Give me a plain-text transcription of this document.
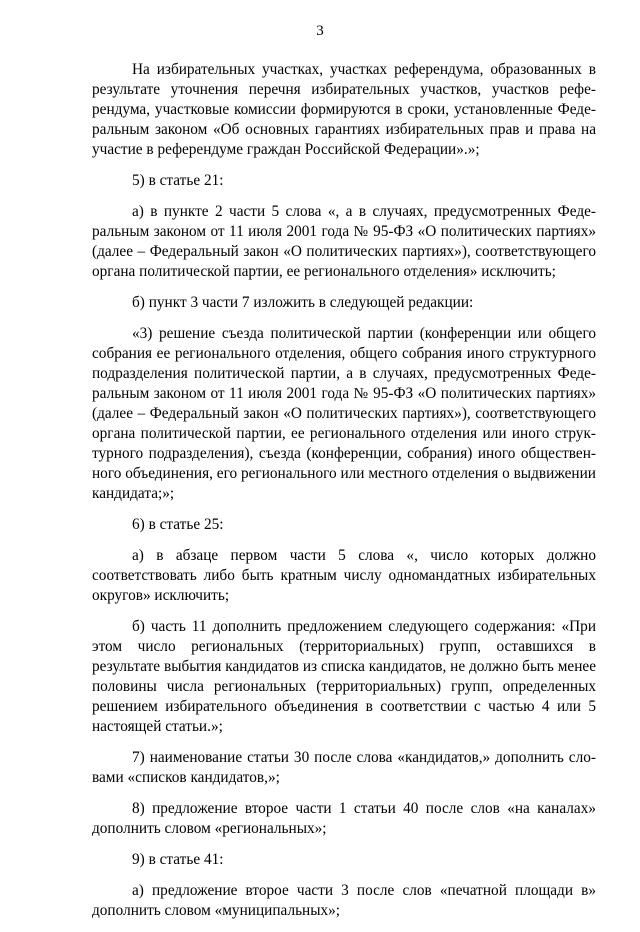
3

На избирательных участках, участках референдума, образованных в результате уточнения перечня избирательных участков, участков референдума, участковые комиссии формируются в сроки, установленные Федеральным законом «Об основных гарантиях избирательных прав и права на участие в референдуме граждан Российской Федерации».»;

5) в статье 21:

а) в пункте 2 части 5 слова «, а в случаях, предусмотренных Федеральным законом от 11 июля 2001 года № 95-ФЗ «О политических партиях» (далее – Федеральный закон «О политических партиях»), соответствующего органа политической партии, ее регионального отделения» исключить;

б) пункт 3 части 7 изложить в следующей редакции:

«3) решение съезда политической партии (конференции или общего собрания ее регионального отделения, общего собрания иного структурного подразделения политической партии, а в случаях, предусмотренных Федеральным законом от 11 июля 2001 года № 95-ФЗ «О политических партиях» (далее – Федеральный закон «О политических партиях»), соответствующего органа политической партии, ее регионального отделения или иного структурного подразделения), съезда (конференции, собрания) иного общественного объединения, его регионального или местного отделения о выдвижении кандидата;»;

6) в статье 25:

а) в абзаце первом части 5 слова «, число которых должно соответствовать либо быть кратным числу одномандатных избирательных округов» исключить;

б) часть 11 дополнить предложением следующего содержания: «При этом число региональных (территориальных) групп, оставшихся в результате выбытия кандидатов из списка кандидатов, не должно быть менее половины числа региональных (территориальных) групп, определенных решением избирательного объединения в соответствии с частью 4 или 5 настоящей статьи.»;

7) наименование статьи 30 после слова «кандидатов,» дополнить словами «списков кандидатов,»;

8) предложение второе части 1 статьи 40 после слов «на каналах» дополнить словом «региональных»;

9) в статье 41:

а) предложение второе части 3 после слов «печатной площади в» дополнить словом «муниципальных»;
